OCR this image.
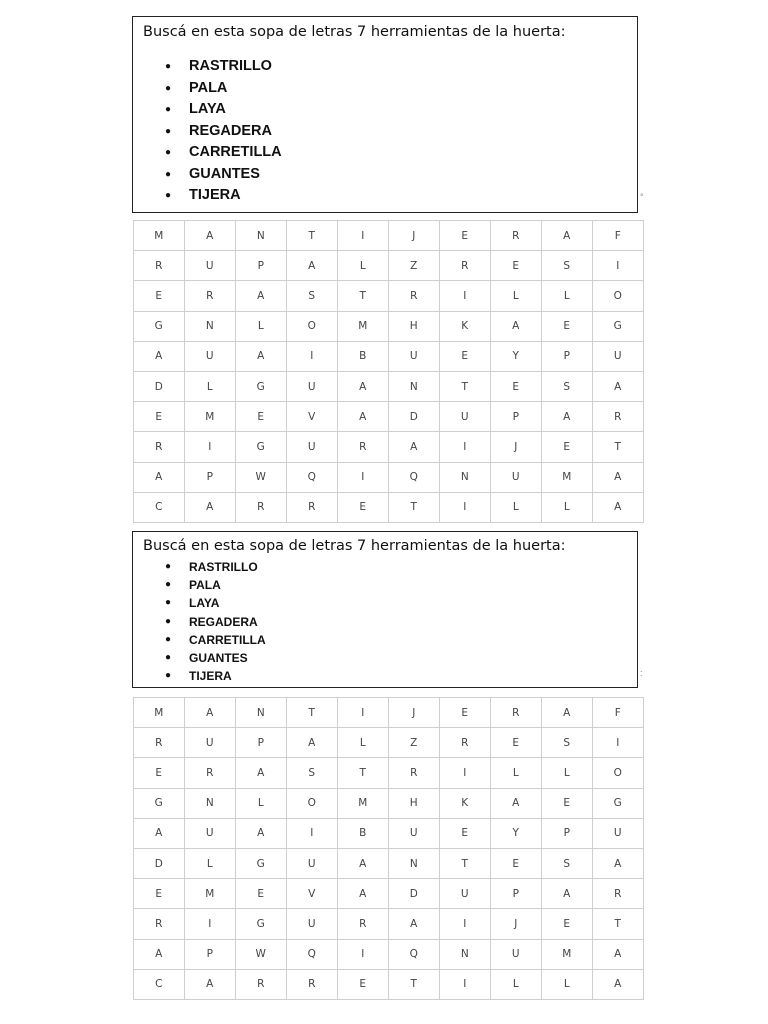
Buscá en esta sopa de letras 7 herramientas de la huerta:
● RASTRILLO
● PALA
● LAYA
● REGADERA
● CARRETILLA
● GUANTES
● TIJERA	°
M	A	N	T	I	J	E	R	A	F
R	U	P	A	L	Z	R	E	S	I
E	R	A	S	T	R	I	L	L	O
G	N	L	O	M	H	K	A	E	G
A	U	A	I	B	U	E	Y	P	U
D	L	G	U	A	N	T	E	S	A
E	M	E	V	A	D	U	P	A	R
R	I	G	U	R	A	I	J	E	T
A	P	W	Q	I	Q	N	U	M	A
C	A	R	R	E	T	I	L	L	A
Buscá en esta sopa de letras 7 herramientas de la huerta:
● RASTRILLO
● PALA
● LAYA
● REGADERA
● CARRETILLA
● GUANTES
● TIJERA	:
M	A	N	T	I	J	E	R	A	F
R	U	P	A	L	Z	R	E	S	I
E	R	A	S	T	R	I	L	L	O
G	N	L	O	M	H	K	A	E	G
A	U	A	I	B	U	E	Y	P	U
D	L	G	U	A	N	T	E	S	A
E	M	E	V	A	D	U	P	A	R
R	I	G	U	R	A	I	J	E	T
A	P	W	Q	I	Q	N	U	M	A
C	A	R	R	E	T	I	L	L	A
